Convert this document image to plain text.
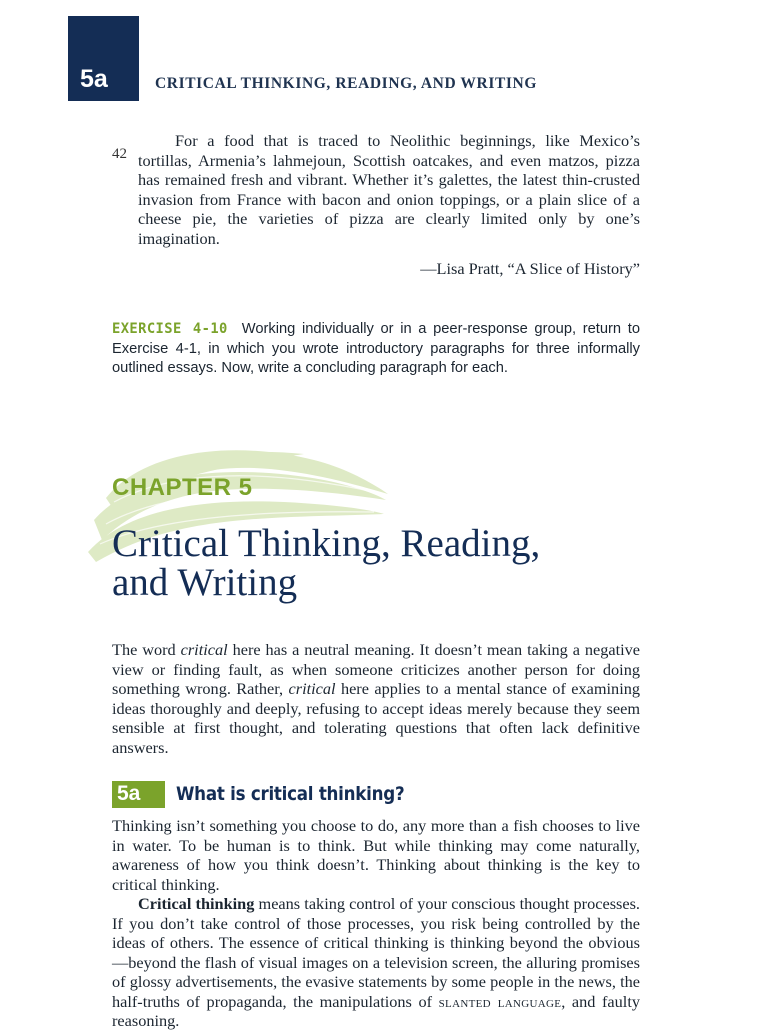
5a	CRITICAL THINKING, READING, AND WRITING
42

For a food that is traced to Neolithic beginnings, like Mexico’s tortillas, Armenia’s lahmejoun, Scottish oatcakes, and even matzos, pizza has remained fresh and vibrant. Whether it’s galettes, the latest thin-crusted invasion from France with bacon and onion toppings, or a plain slice of a cheese pie, the varieties of pizza are clearly limited only by one’s imagination.

—Lisa Pratt, “A Slice of History”

EXERCISE 4-10 Working individually or in a peer-response group, return to Exercise 4-1, in which you wrote introductory paragraphs for three informally outlined essays. Now, write a concluding paragraph for each.

CHAPTER 5
Critical Thinking, Reading,
and Writing

The word critical here has a neutral meaning. It doesn’t mean taking a negative view or finding fault, as when someone criticizes another person for doing something wrong. Rather, critical here applies to a mental stance of examining ideas thoroughly and deeply, refusing to accept ideas merely because they seem sensible at first thought, and tolerating questions that often lack definitive answers.

5a What is critical thinking?

Thinking isn’t something you choose to do, any more than a fish chooses to live in water. To be human is to think. But while thinking may come naturally, awareness of how you think doesn’t. Thinking about thinking is the key to critical thinking.

Critical thinking means taking control of your conscious thought processes. If you don’t take control of those processes, you risk being controlled by the ideas of others. The essence of critical thinking is thinking beyond the obvious—beyond the flash of visual images on a television screen, the alluring promises of glossy advertisements, the evasive statements by some people in the news, the half-truths of propaganda, the manipulations of slanted language, and faulty reasoning.
